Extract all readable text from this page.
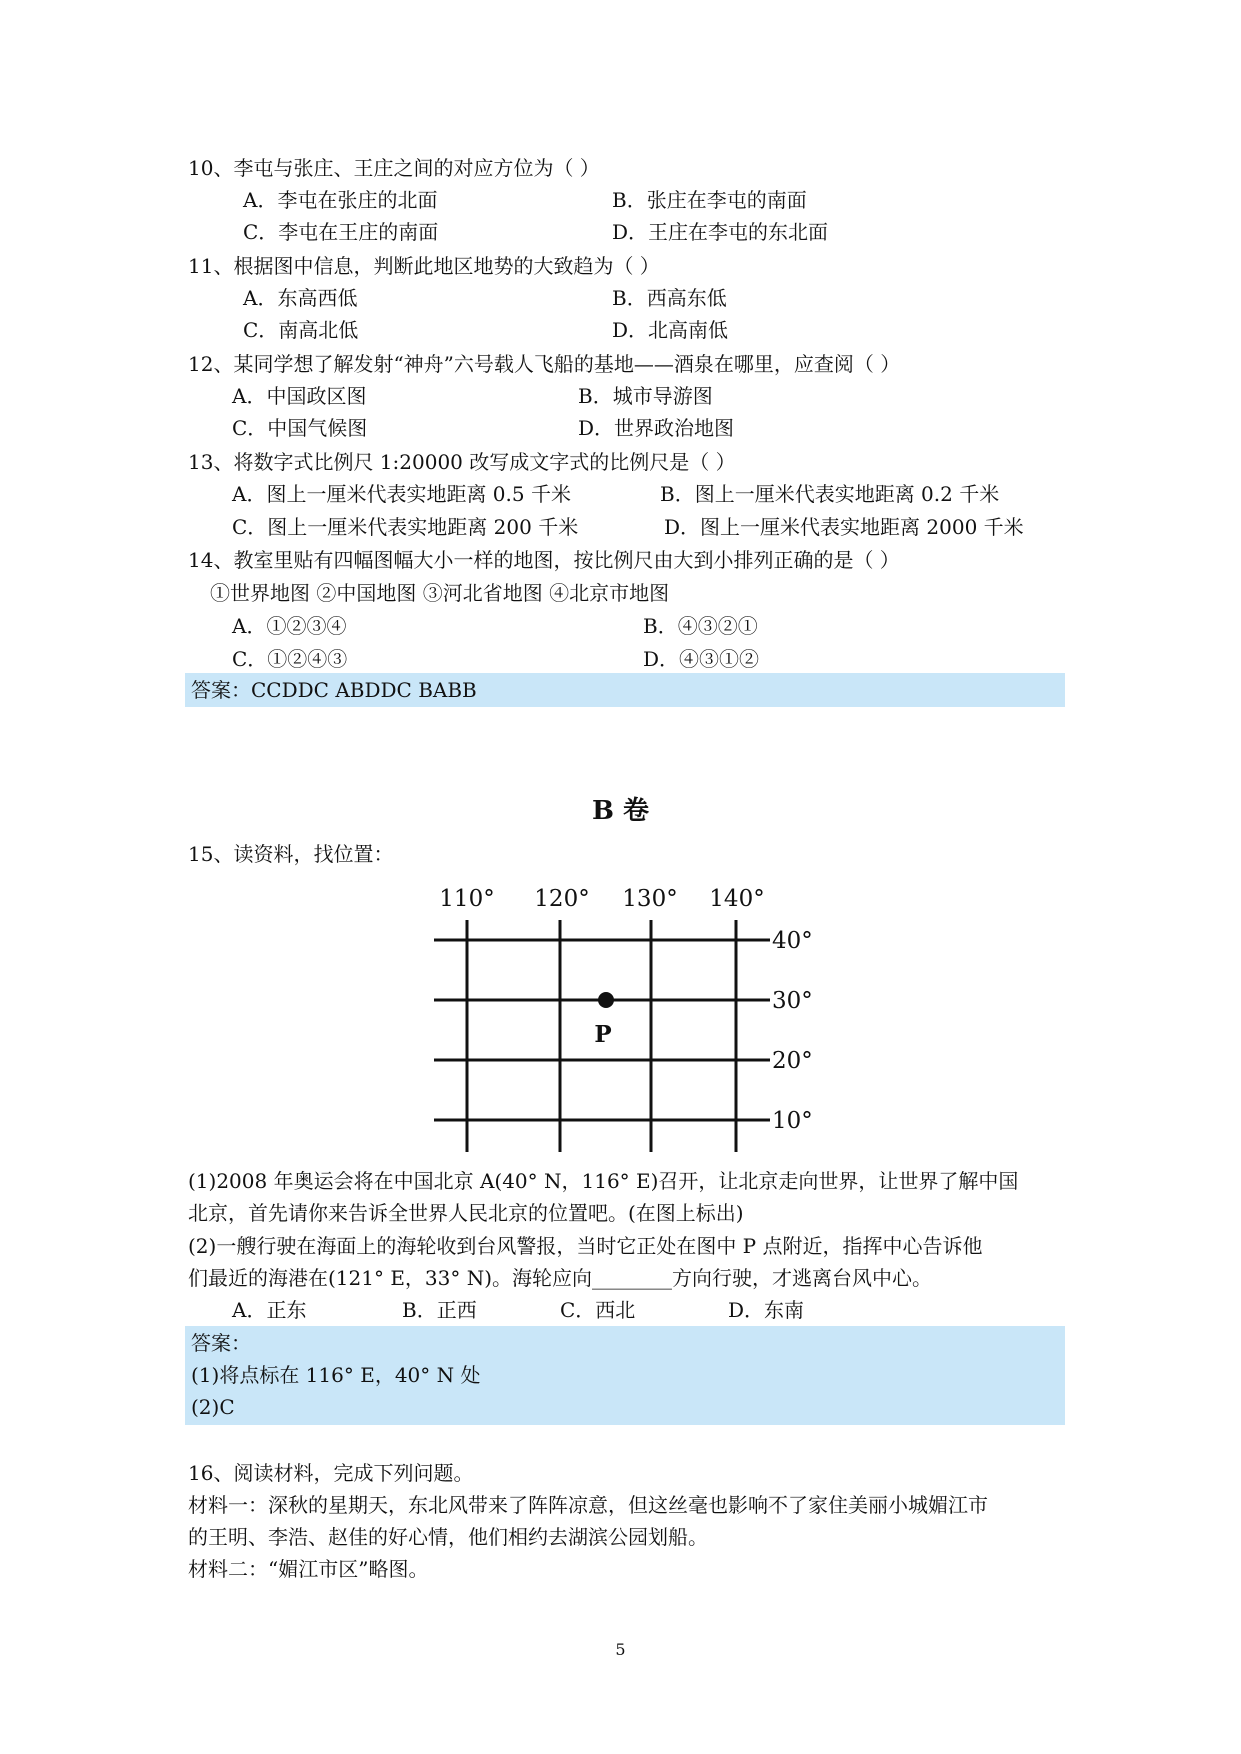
10、李屯与张庄、王庄之间的对应方位为（ ）
A．李屯在张庄的北面	B．张庄在李屯的南面
C．李屯在王庄的南面	D．王庄在李屯的东北面
11、根据图中信息，判断此地区地势的大致趋为（ ）
A．东高西低	B．西高东低
C．南高北低	D．北高南低
12、某同学想了解发射“神舟”六号载人飞船的基地——酒泉在哪里，应查阅（ ）
A．中国政区图	B．城市导游图
C．中国气候图	D．世界政治地图
13、将数字式比例尺 1:20000 改写成文字式的比例尺是（ ）
A．图上一厘米代表实地距离 0.5 千米	B．图上一厘米代表实地距离 0.2 千米
C．图上一厘米代表实地距离 200 千米	D．图上一厘米代表实地距离 2000 千米
14、教室里贴有四幅图幅大小一样的地图，按比例尺由大到小排列正确的是（ ）
①世界地图 ②中国地图 ③河北省地图 ④北京市地图
A．①②③④	B．④③②①
C．①②④③	D．④③①②
答案：CCDDC ABDDC BABB
B 卷
15、读资料，找位置：
110° 120° 130° 140°
40°
30°
20°
10°
P
(1)2008 年奥运会将在中国北京 A(40° N，116° E)召开，让北京走向世界，让世界了解中国
北京，首先请你来告诉全世界人民北京的位置吧。(在图上标出)
(2)一艘行驶在海面上的海轮收到台风警报，当时它正处在图中 P 点附近，指挥中心告诉他
们最近的海港在(121° E，33° N)。海轮应向________方向行驶，才逃离台风中心。
A．正东	B．正西	C．西北	D．东南
答案：
(1)将点标在 116° E，40° N 处
(2)C
16、阅读材料，完成下列问题。
材料一：深秋的星期天，东北风带来了阵阵凉意，但这丝毫也影响不了家住美丽小城媚江市
的王明、李浩、赵佳的好心情，他们相约去湖滨公园划船。
材料二：“媚江市区”略图。
5
